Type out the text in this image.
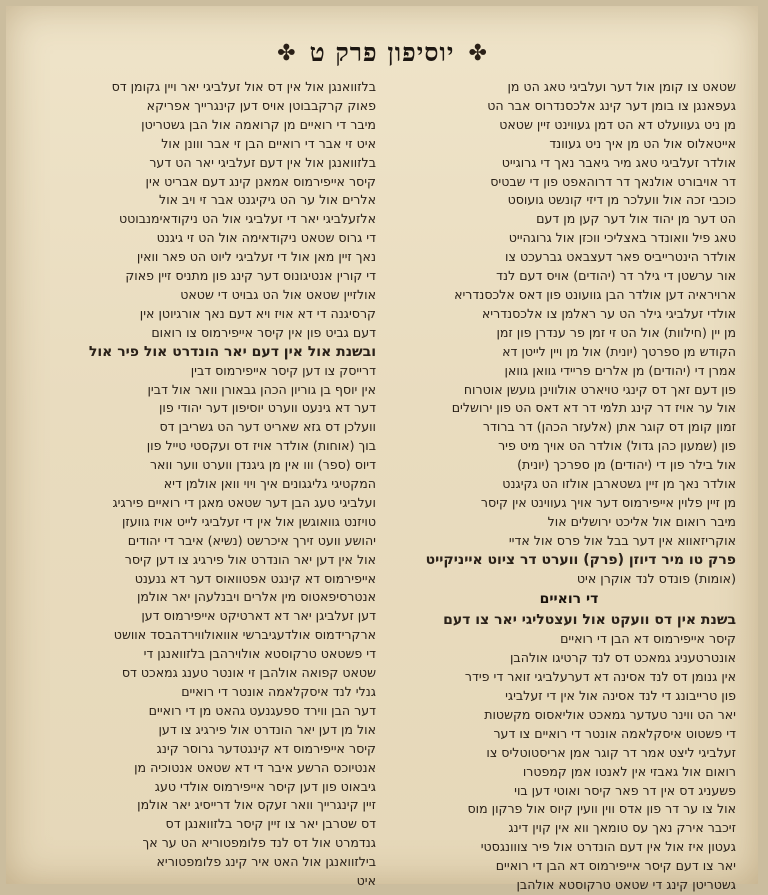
✤
יוסיפון פרק ט
✤
שטאט צו קומן אול דער ועלביגי טאג הט מן
געפאנגן צו בומן דער קינג אלכסנדרוס אבר הט
מן ניט געוועלט דא הט דמן געווינט זיין שטאט
אייטאלוס אול הט מן איך ניט געוונד
אולדר זעלביגי טאג מיר גיאבר נאך די גרוגייט
דר אויבורט אולנאך דר דרוהאפט פון די שבטיס
כוכבי זכה אול וועלכר מן דיזי קונשט גועוסט
הט דער מן יהוד אול דער קען מן דעם
טאג פיל וואונדר באצליכי ווכזן אול גרוגהייט
אולדר הינטרייביס פאר דעצבאט גברעכט צו
אור ערשטן די גילר דר (יהודים) אויס דעם לנד
ארויראיה דען אולדר הבן גוועונט פון דאס אלכסנדריא
אולדי זעלביגי גילר הט ער ראלמן צו אלכסנדריא
מן יין (חילוות) אול הט זי זמן פר ענדרן פון זמן
הקודש מן ספרטך (יונית) אול מן ויין לייטן דא
אמרן די (יהודים) מן אלרים פריידי גוואן גוואן
פון דעם זאך דס קינגי טויארט אולווינן גועשן אוטרוח
אול ער אויז דר קינג תלמי דר דא דאס הט פון ירושלים
זמון קומן דס קוגר אתן (אלעזר הכהן) דר ברודר
פון (שמעון כהן גדול) אולדר הט אויך מיט פיר
אול בילר פון די (יהודים) מן ספרכך (יונית)
אולדר נאך מן זיין גשטארבן אולזו הט גקיגנט
מן זיין פלוין אייפירמוס דער אויך געווינט אין קיסר
מיבר רואום אול אליכט ירושלים אול
אוקריזאווא אין דער בבל אול פרס אול אדיי
פרק טו מיר דיוזן (פרק) ווערט דר ציוט אייניקייט
(אומות) פונדס לנד אוקרן איט
די רואיים
בשנת אין דס וועקט אול ועצטליגי יאר צו דעם
קיסר אייפירמוס דא הבן די רואיים
אונטרטעניג גמאכט דס לנד קרטיגו אולהבן
אין גנומן דס לנד אסינה דא דערעלביגי זואר די פידר
פון טרייבונג די לנד אסינה אול אין די זעלביגי
יאר הט ווינר טעדער גמאכט אוליאסוס מקשטות
די פשטוט איסקלאמה אונטר די רואיים צו דער
זעלביגי ליצט אמר דר קוגר אמן אריסטוטליס צו
רואום אול גאבזי אין לאנטו אמן קמפטרו
פשעניג דס אין דר פאר קיסר ואוטי דען בוי
אול צו ער דר פון אדס ווין וועין קיוס אול פרקון מוס
זיכבר אירק נאך עס טומאך ווא אין קוין דינג
געטון איז אול אין דעם הונדרט אול פיר צווונגסטי
יאר צו דעם קיסר אייפירמוס דא הבן די רואיים
גשטריטן קינג די שטאט טרקוסטא אולהבן
בלזוואנגן אול אין דס אול זעלביגי יאר ויין גקומן דס
פאוק קרקבבוטן אויס דען קינגרייך אפריקא
מיבר די רואיים מן קרואמה אול הבן גשטריטן
איט זי אבר די רואיים הבן זי אבר ווונן אול
בלזוואנגן אול אין דעם זעלביגי יאר הט דער
קיסר אייפירמוס אמאנן קינג דעם אבריט אין
אלרים אול ער הט גיקיגנט אבר זי ויב אול
אלזעלביגי יאר די זעלביגי אול הט ניקודאימנבוטט
די גרוס שטאט ניקודאימה אול הט זי גיגנט
נאך זיין מאן אול די זעלביגי ליוט הט פאר וואין
די קורין אנטיגונוס דער קינג פון מתניס זיין פאוק
אולזיין שטאט אול הט גבויט די שטאט
קרסיגנה די דא אויז ויא דעם נאך אורגיוטן אין
דעם גביט פון אין קיסר אייפירמוס צו רואום
ובשנת אול אין דעם יאר הונדרט אול פיר אול
דרייסק צו דען קיסר אייפירמוס דבין
אין יוסף בן גוריון הכהן גבאורן וואר אול דבין
דער דא גינעט ווערט יוסיפון דער יהודי פון
וועלכן דס גזא שאריט דער הט גשריבן דס
בוך (אוחות) אולדר אויז דס ועקסטי טייל פון
דיוס (ספר) ווו אין מן גיגנדן ווערט ווער וואר
המקטיגי גליגגונים איך ויוי וואן אולמן דיא
ועלביגי טעג הבן דער שטאט מאגן די רואיים פירגיג
טויזנט גוואוגשן אול אין די זעלביגי לייט אויז גוועזן
יהושע וועט זירך איכרשט (נשיא) איבר די יהודים
אול אין דען יאר הונדרט אול פירגיג צו דען קיסר
אייפירמוס דא קינגט אפטוואוס דער דא גנענט
אנטרסיפאטוס מין אלרים ויבנלעהן יאר אולמן
דען זעלביגן יאר דא דארטיקט אייפירמוס דען
ארקרידמוס אולדעגיברשי אוואולווירדהבסד אוושט
די פשטאט טרקוסטא אולוירהבן בלזוואנגן די
שטאט קפואה אולהבן זי אונטר טענג גמאכט דס
גנלי לנד איסקלאמה אונטר די רואיים
דער הבן ווירד ספעגנעט גהאט מן די רואיים
אול מן דען יאר הונדרט אול פירגיג צו דען
קיסר אייפירמוס דא קינגטדער גרוסר קינג
אנטיוכס הרשע איבר די דא שטאט אנטוכיה מן
גיבאוט פון דען קיסר אייפירמוס אולדי טעג
זיין קינגרייך וואר זעקס אול דרייסיג יאר אולמן
דס שטרבן יאר צו זיין קיסר בלזוואנגן דס
גנדמרט אול דס לנד פלומפטוריא הט ער אך
בילזוואנגן אול האט איר קינג פלומפטוריא
איט
